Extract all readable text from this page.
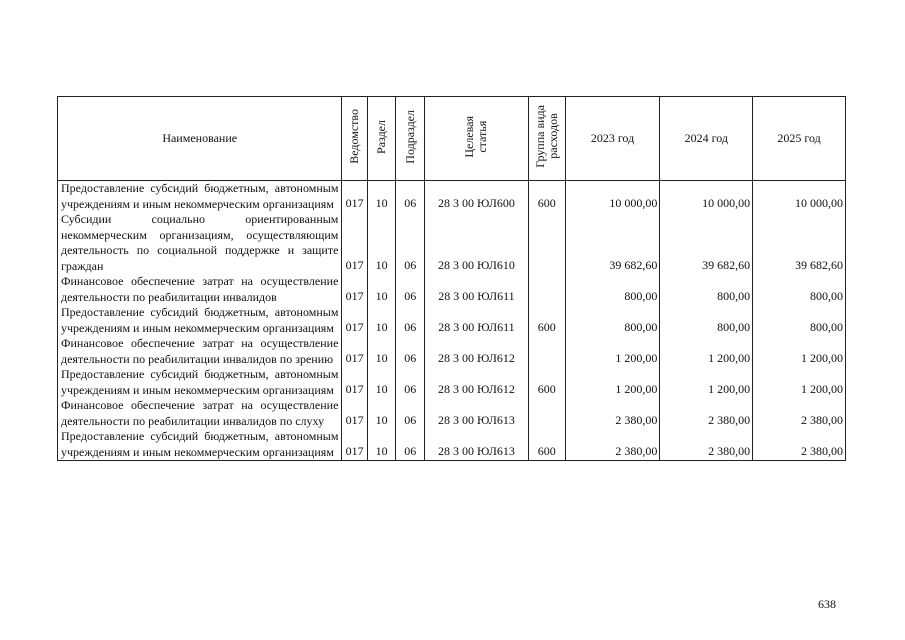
Наименование	Ведомство	Раздел	Подраздел	Целевая
статья	Группа вида
расходов	2023 год	2024 год	2025 год
Предоставление субсидий бюджетным, автономным учреждениям и иным некоммерческим организациям	017	10	06	28 3 00 ЮЛ600	600	10 000,00	10 000,00	10 000,00
Субсидии социально ориентированным некоммерческим организациям, осуществляющим деятельность по социальной поддержке и защите граждан	017	10	06	28 3 00 ЮЛ610		39 682,60	39 682,60	39 682,60
Финансовое обеспечение затрат на осуществление деятельности по реабилитации инвалидов	017	10	06	28 3 00 ЮЛ611		800,00	800,00	800,00
Предоставление субсидий бюджетным, автономным учреждениям и иным некоммерческим организациям	017	10	06	28 3 00 ЮЛ611	600	800,00	800,00	800,00
Финансовое обеспечение затрат на осуществление деятельности по реабилитации инвалидов по зрению	017	10	06	28 3 00 ЮЛ612		1 200,00	1 200,00	1 200,00
Предоставление субсидий бюджетным, автономным учреждениям и иным некоммерческим организациям	017	10	06	28 3 00 ЮЛ612	600	1 200,00	1 200,00	1 200,00
Финансовое обеспечение затрат на осуществление деятельности по реабилитации инвалидов по слуху	017	10	06	28 3 00 ЮЛ613		2 380,00	2 380,00	2 380,00
Предоставление субсидий бюджетным, автономным учреждениям и иным некоммерческим организациям	017	10	06	28 3 00 ЮЛ613	600	2 380,00	2 380,00	2 380,00
638
